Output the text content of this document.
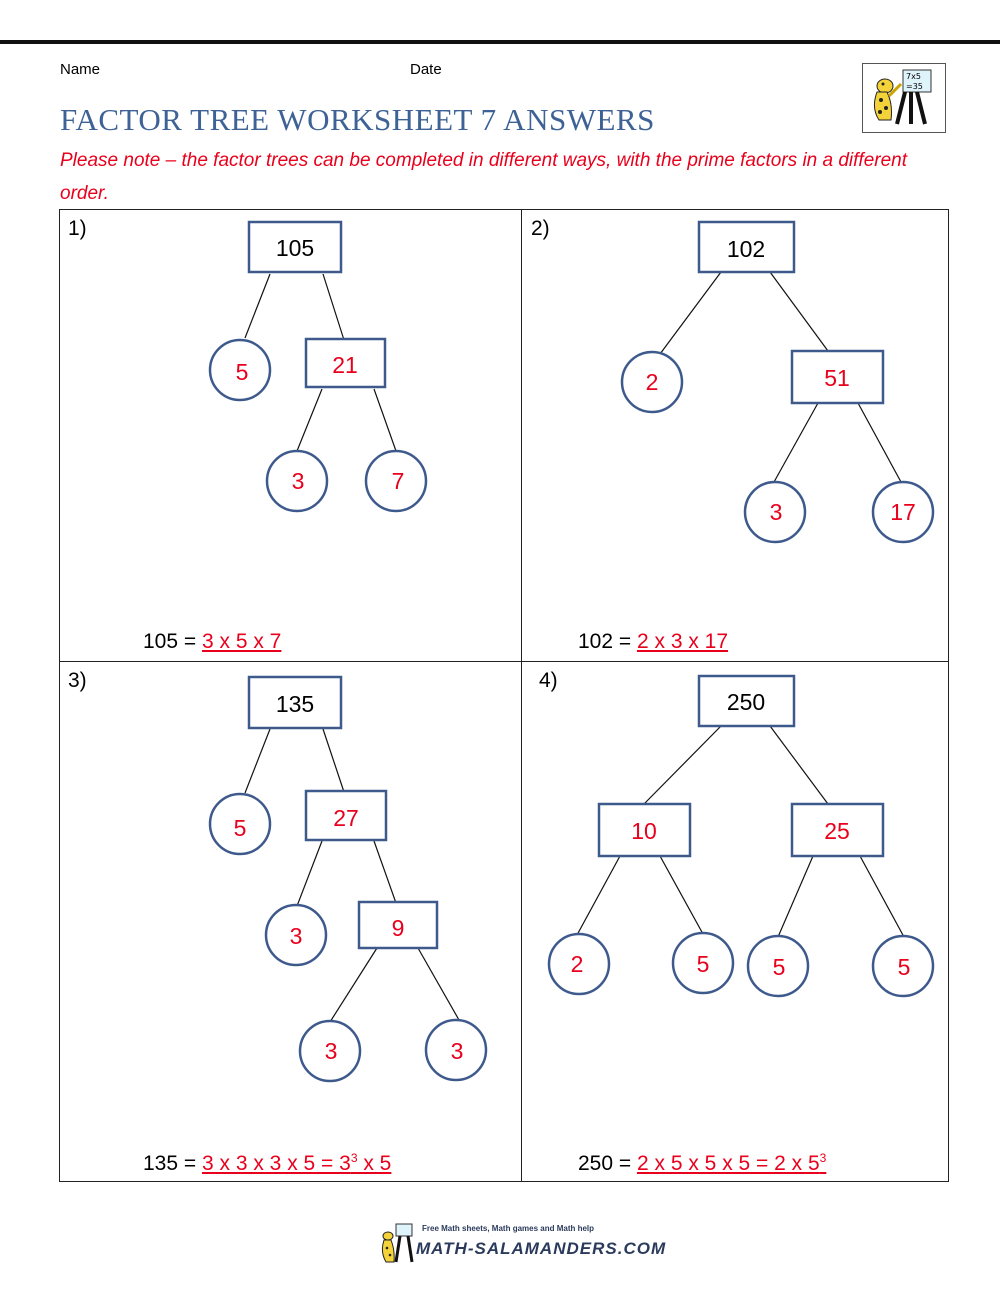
Name	Date	7x5
=35
FACTOR TREE WORKSHEET 7 ANSWERS
Please note – the factor trees can be completed in different ways, with the prime factors in a different order.
1)	2)
3)	4)
105
5	21
3	7
102
2	51
3	17
135
5	27
3	9
3	3
250
10	25
2	5	5	5
105 = 3 x 5 x 7	102 = 2 x 3 x 17
135 = 3 x 3 x 3 x $5 = 3^3$ x 5	250 = 2 x 5 x 5 x 5 = 2 x $5^3$
Free Math sheets, Math games and Math help
MATH-SALAMANDERS.COM
